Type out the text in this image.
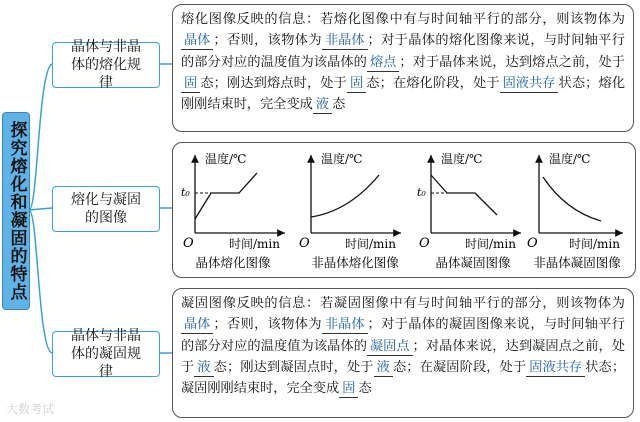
探究熔化和凝固的特点
晶体与非晶体的熔化规律
熔化与凝固的图像
晶体与非晶体的凝固规律
熔化图像反映的信息：若熔化图像中有与时间轴平行的部分，则该物体为晶体 ；否则，该物体为 非晶体 ；对于晶体的熔化图像来说，与时间轴平行的部分对应的温度值为该晶体的 熔点 ；对于晶体来说，达到熔点之前，处于固 态；刚达到熔点时，处于 固 态；在熔化阶段，处于 固液共存 状态；熔化刚刚结束时，完全变成 液 态
温度/℃
时间/min
O
t₀
晶体熔化图像
温度/℃
时间/min
O
非晶体熔化图像
温度/℃
时间/min
O
t₀
晶体凝固图像
温度/℃
时间/min
O
非晶体凝固图像
凝固图像反映的信息：若凝固图像中有与时间轴平行的部分，则该物体为晶体 ；否则，该物体为 非晶体 ；对于晶体的凝固图像来说，与时间轴平行的部分对应的温度值为该晶体的 凝固点 ；对晶体来说，达到凝固点之前，处于 液 态；刚达到凝固点时，处于 液 态；在凝固阶段，处于 固液共存 状态；凝固刚刚结束时，完全变成 固 态
大数考试
